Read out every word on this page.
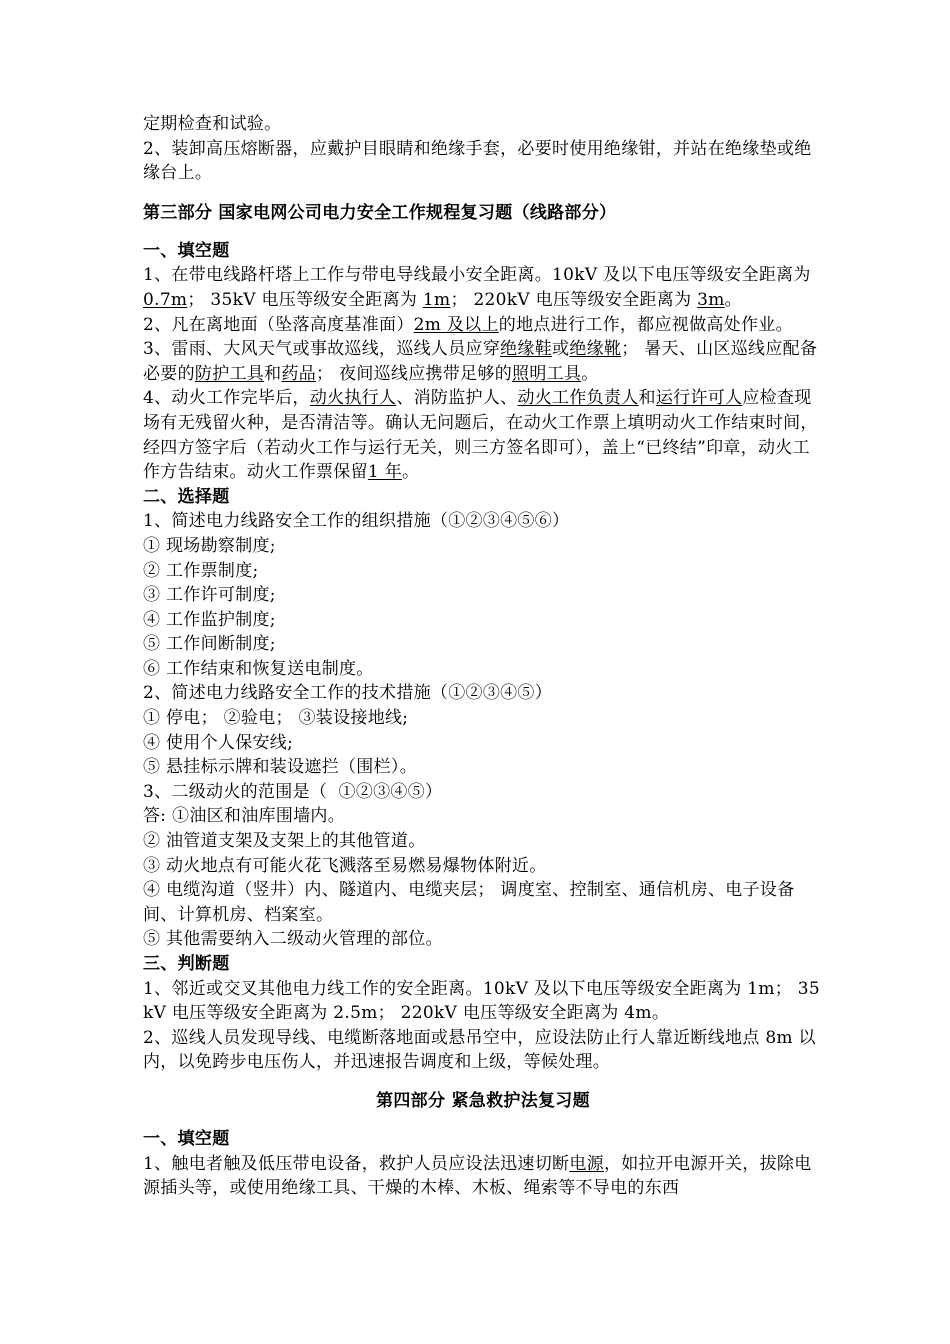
定期检查和试验。

2、装卸高压熔断器，应戴护目眼睛和绝缘手套，必要时使用绝缘钳，并站在绝缘垫或绝缘台上。

第三部分 国家电网公司电力安全工作规程复习题（线路部分）

一、填空题

1、在带电线路杆塔上工作与带电导线最小安全距离。10kV 及以下电压等级安全距离为 0.7m； 35kV 电压等级安全距离为 1m； 220kV 电压等级安全距离为 3m。

2、凡在离地面（坠落高度基准面）2m 及以上的地点进行工作，都应视做高处作业。

3、雷雨、大风天气或事故巡线，巡线人员应穿绝缘鞋或绝缘靴； 暑天、山区巡线应配备必要的防护工具和药品； 夜间巡线应携带足够的照明工具。

4、动火工作完毕后，动火执行人、消防监护人、动火工作负责人和运行许可人应检查现场有无残留火种，是否清洁等。确认无问题后，在动火工作票上填明动火工作结束时间，经四方签字后（若动火工作与运行无关，则三方签名即可），盖上“已终结”印章，动火工作方告结束。动火工作票保留1 年。

二、选择题

1、简述电力线路安全工作的组织措施（①②③④⑤⑥）

① 现场勘察制度;

② 工作票制度;

③ 工作许可制度;

④ 工作监护制度;

⑤ 工作间断制度;

⑥ 工作结束和恢复送电制度。

2、简述电力线路安全工作的技术措施（①②③④⑤）

① 停电； ②验电； ③装设接地线;

④ 使用个人保安线;

⑤ 悬挂标示牌和装设遮拦（围栏）。

3、二级动火的范围是（  ①②③④⑤）

答: ①油区和油库围墙内。

② 油管道支架及支架上的其他管道。

③ 动火地点有可能火花飞溅落至易燃易爆物体附近。

④ 电缆沟道（竖井）内、隧道内、电缆夹层； 调度室、控制室、通信机房、电子设备间、计算机房、档案室。

⑤ 其他需要纳入二级动火管理的部位。

三、判断题

1、邻近或交叉其他电力线工作的安全距离。10kV 及以下电压等级安全距离为 1m； 35kV 电压等级安全距离为 2.5m； 220kV 电压等级安全距离为 4m。

2、巡线人员发现导线、电缆断落地面或悬吊空中，应设法防止行人靠近断线地点 8m 以内，以免跨步电压伤人，并迅速报告调度和上级，等候处理。

第四部分 紧急救护法复习题

一、填空题

1、触电者触及低压带电设备，救护人员应设法迅速切断电源，如拉开电源开关，拔除电源插头等，或使用绝缘工具、干燥的木棒、木板、绳索等不导电的东西
